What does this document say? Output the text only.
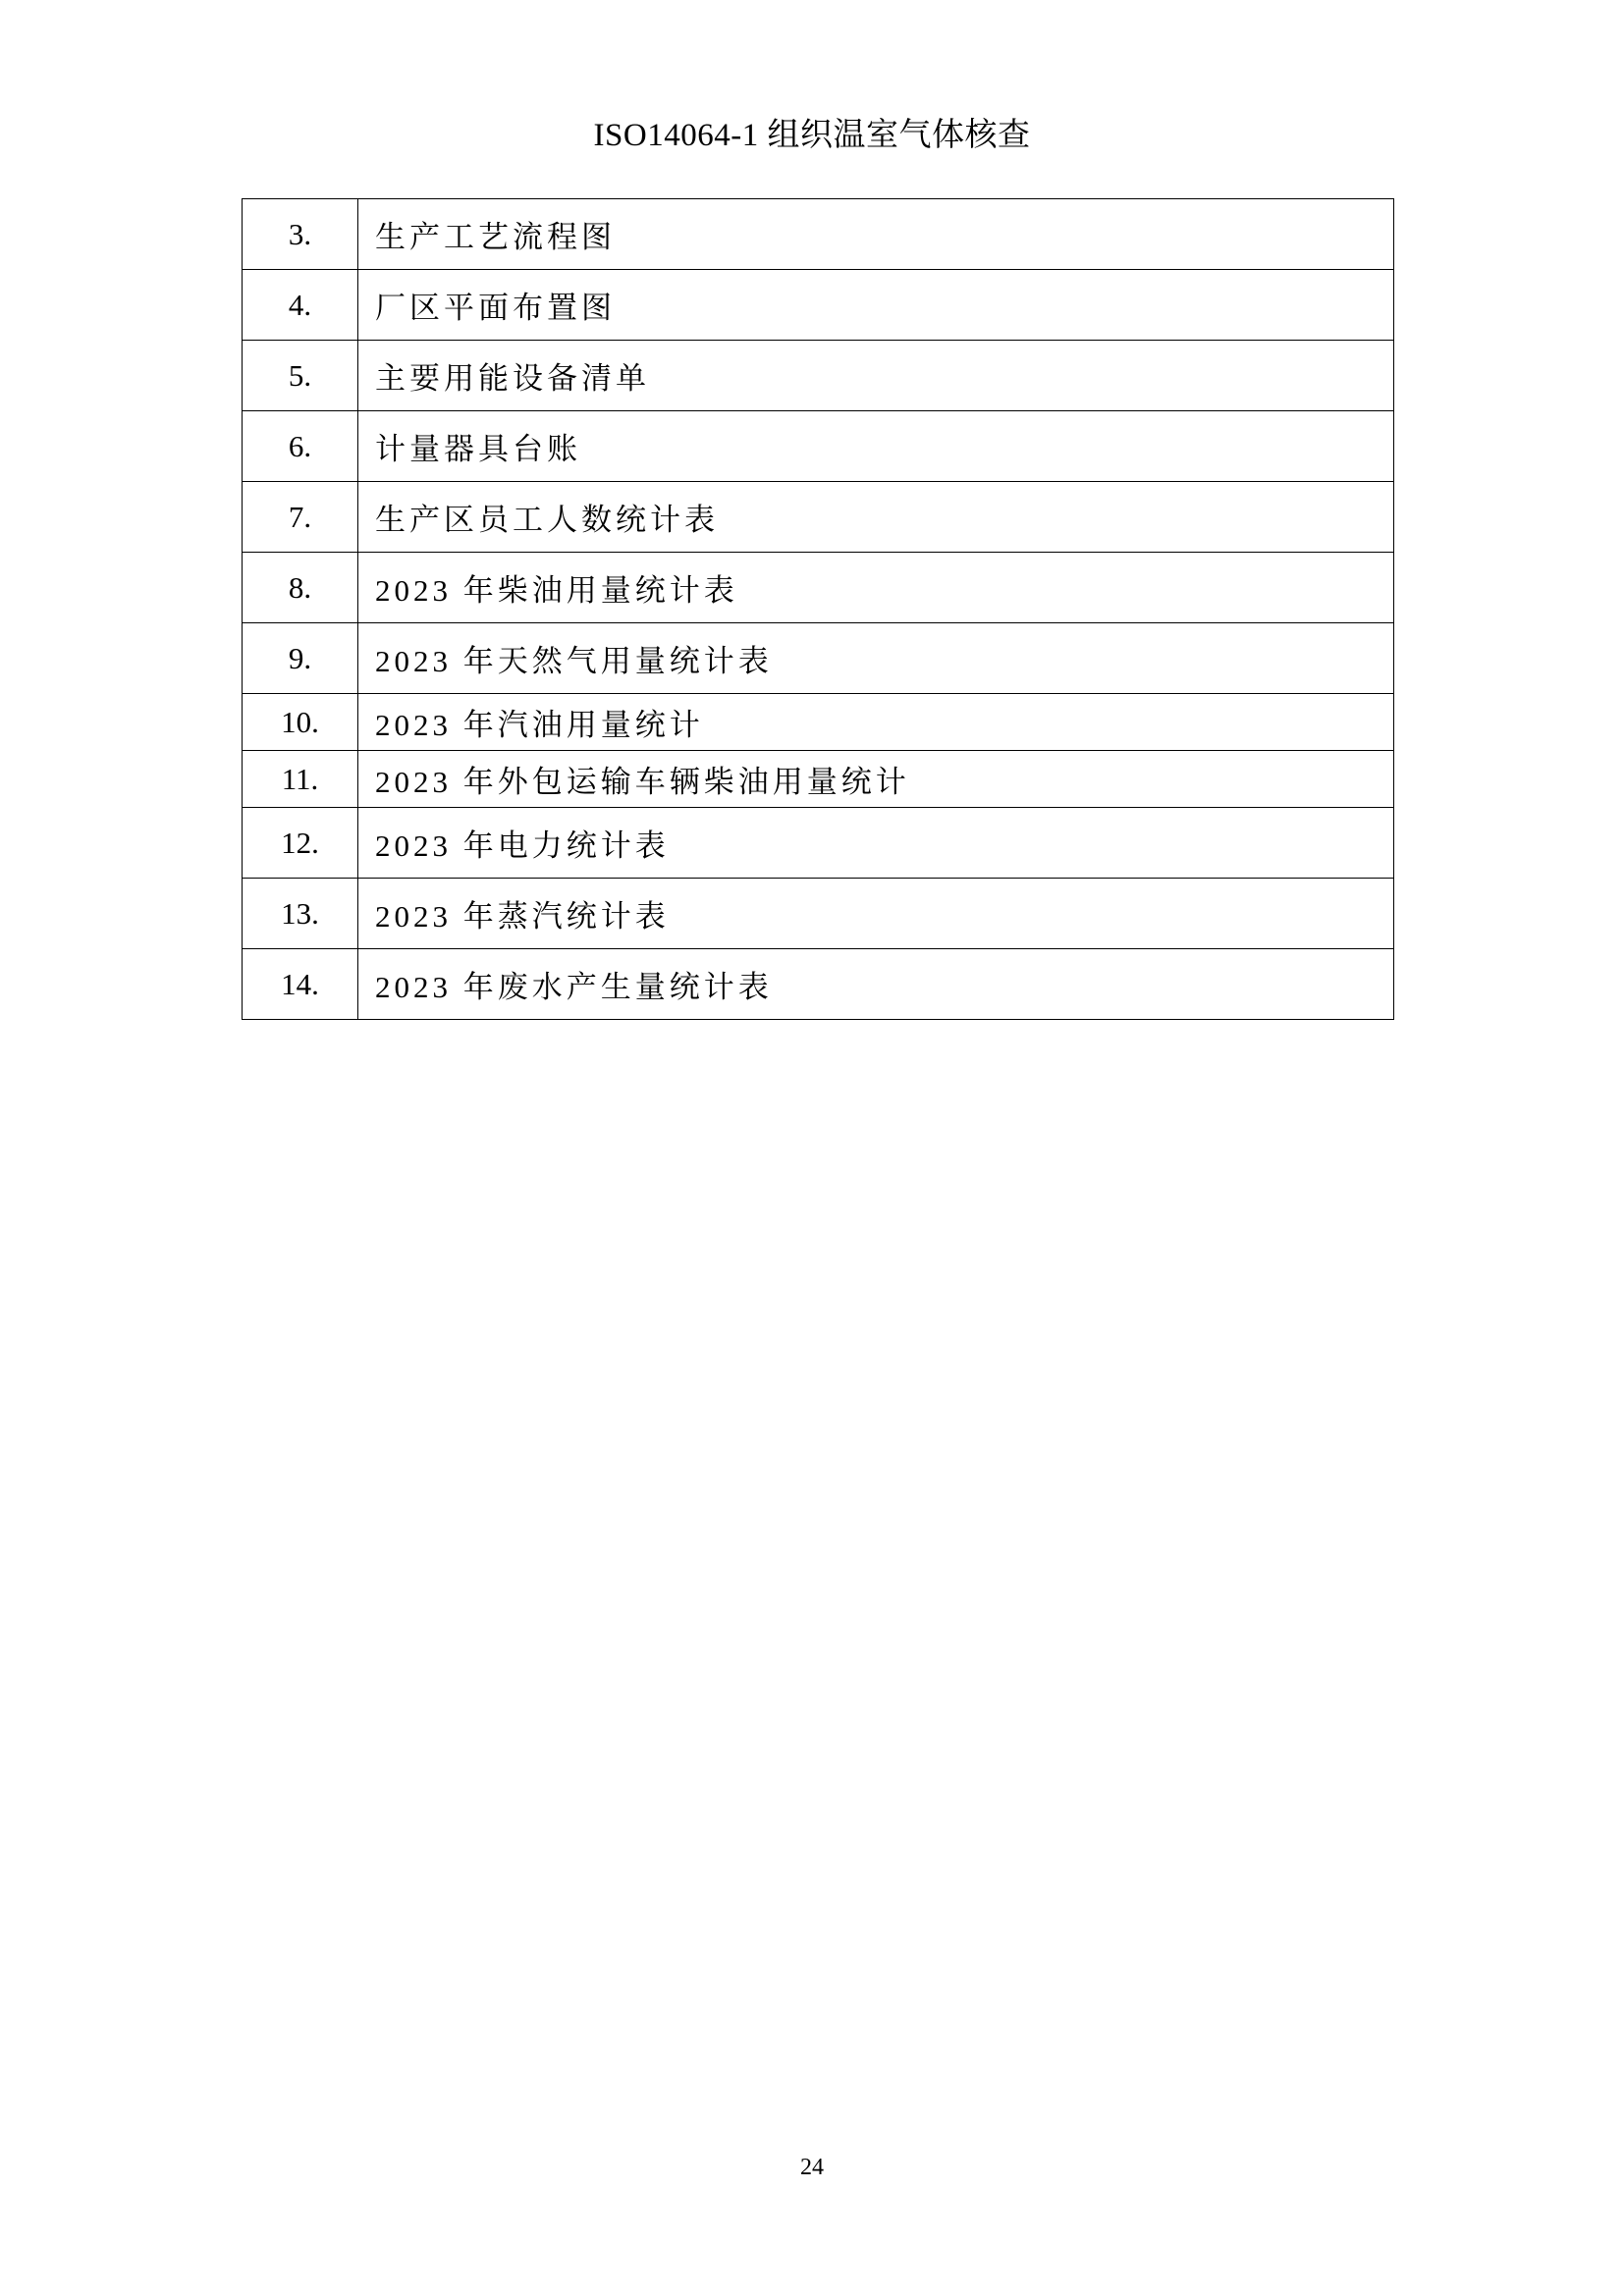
ISO14064-1 组织温室气体核查
3.	生产工艺流程图
4.	厂区平面布置图
5.	主要用能设备清单
6.	计量器具台账
7.	生产区员工人数统计表
8.	2023 年柴油用量统计表
9.	2023 年天然气用量统计表
10.	2023 年汽油用量统计
11.	2023 年外包运输车辆柴油用量统计
12.	2023 年电力统计表
13.	2023 年蒸汽统计表
14.	2023 年废水产生量统计表
24
